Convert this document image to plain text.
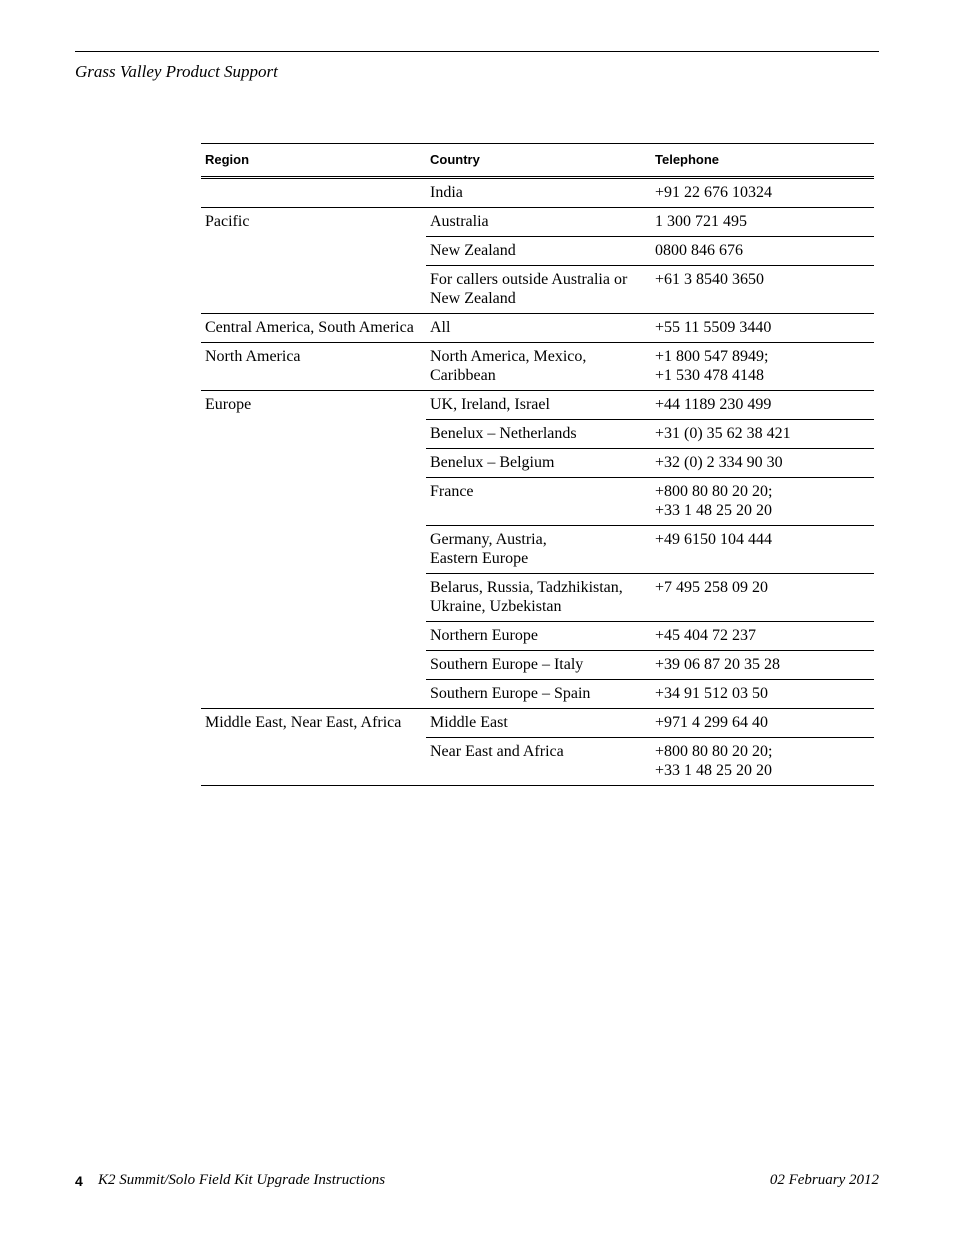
Grass Valley Product Support
Region	Country	Telephone

	India	+91 22 676 10324

Pacific	Australia	1 300 721 495

	New Zealand	0800 846 676

	For callers outside Australia or
New Zealand	+61 3 8540 3650

Central America, South America	All	+55 11 5509 3440

North America	North America, Mexico,
Caribbean	+1 800 547 8949;
+1 530 478 4148

Europe	UK, Ireland, Israel	+44 1189 230 499

	Benelux – Netherlands	+31 (0) 35 62 38 421

	Benelux – Belgium	+32 (0) 2 334 90 30

	France	+800 80 80 20 20;
+33 1 48 25 20 20

	Germany, Austria,
Eastern Europe	+49 6150 104 444

	Belarus, Russia, Tadzhikistan,
Ukraine, Uzbekistan	+7 495 258 09 20

	Northern Europe	+45 404 72 237

	Southern Europe – Italy	+39 06 87 20 35 28

	Southern Europe – Spain	+34 91 512 03 50

Middle East, Near East, Africa	Middle East	+971 4 299 64 40

	Near East and Africa	+800 80 80 20 20;
+33 1 48 25 20 20
4 K2 Summit/Solo Field Kit Upgrade Instructions	02 February 2012
